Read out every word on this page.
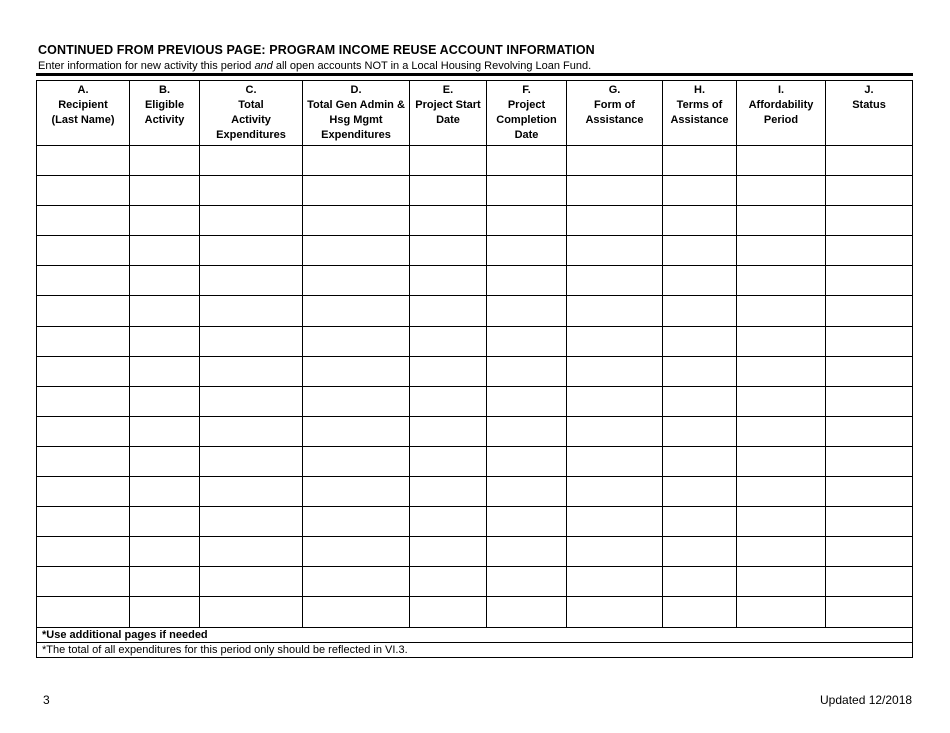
CONTINUED FROM PREVIOUS PAGE: PROGRAM INCOME REUSE ACCOUNT INFORMATION
Enter information for new activity this period and all open accounts NOT in a Local Housing Revolving Loan Fund.
A.
Recipient
(Last Name)	B.
Eligible
Activity	C.
Total
Activity
Expenditures	D.
Total Gen Admin &
Hsg Mgmt
Expenditures	E.
Project Start
Date	F.
Project
Completion
Date	G.
Form of
Assistance	H.
Terms of
Assistance	I.
Affordability
Period	J.
Status

*Use additional pages if needed									
*The total of all expenditures for this period only should be reflected in VI.3.									
3	Updated 12/2018
